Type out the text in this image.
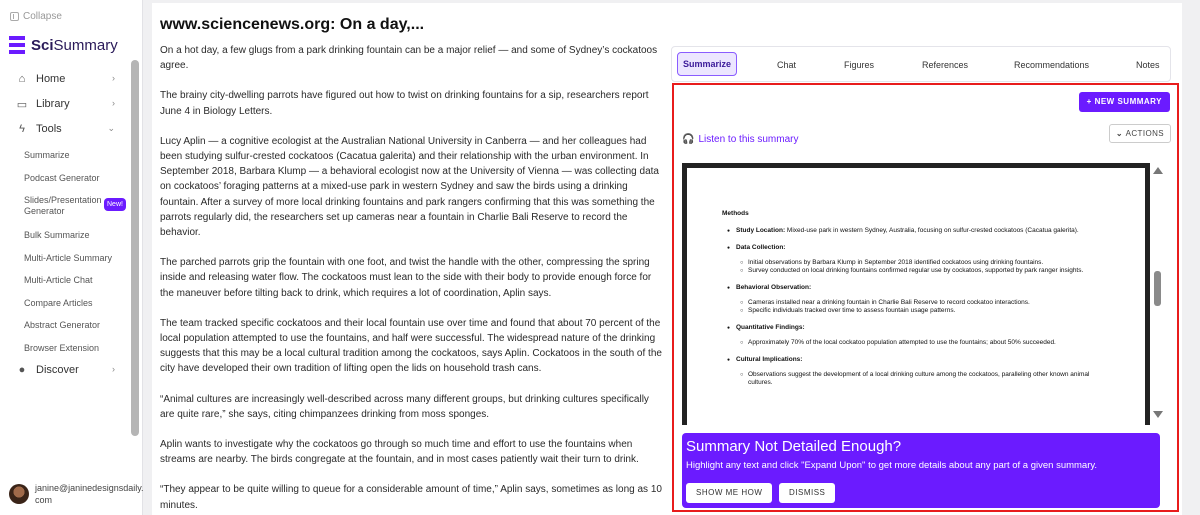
Collapse
SciSummary
⌂ Home	›
▭ Library	›
ϟ Tools	⌄
Summarize
Podcast Generator
Slides/Presentation
Generator
New!
Bulk Summarize
Multi-Article Summary
Multi-Article Chat
Compare Articles
Abstract Generator
Browser Extension
● Discover	›
janine@janinedesignsdaily.
com
www.sciencenews.org: On a day,...

On a hot day, a few glugs from a park drinking fountain can be a major relief — and some of Sydney’s cockatoos agree.

The brainy city-dwelling parrots have figured out how to twist on drinking fountains for a sip, researchers report June 4 in Biology Letters.

Lucy Aplin — a cognitive ecologist at the Australian National University in Canberra — and her colleagues had been studying sulfur-crested cockatoos (Cacatua galerita) and their relationship with the urban environment. In September 2018, Barbara Klump — a behavioral ecologist now at the University of Vienna — was collecting data on cockatoos’ foraging patterns at a mixed-use park in western Sydney and saw the birds using a drinking fountain. After a survey of more local drinking fountains and park rangers confirming that this was something the parrots regularly did, the researchers set up cameras near a fountain in Charlie Bali Reserve to record the behavior.

The parched parrots grip the fountain with one foot, and twist the handle with the other, compressing the spring inside and releasing water flow. The cockatoos must lean to the side with their body to provide enough force for the maneuver before tilting back to drink, which requires a lot of coordination, Aplin says.

The team tracked specific cockatoos and their local fountain use over time and found that about 70 percent of the local population attempted to use the fountains, and half were successful. The widespread nature of the drinking suggests that this may be a local cultural tradition among the cockatoos, says Aplin. Cockatoos in the south of the city have developed their own tradition of lifting open the lids on household trash cans.

“Animal cultures are increasingly well-described across many different groups, but drinking cultures specifically are quite rare,” she says, citing chimpanzees drinking from moss sponges.

Aplin wants to investigate why the cockatoos go through so much time and effort to use the fountains when streams are nearby. The birds congregate at the fountain, and in most cases patiently wait their turn to drink.

“They appear to be quite willing to queue for a considerable amount of time,” Aplin says, sometimes as long as 10 minutes.

Summarize	Chat	Figures	References	Recommendations	Notes
+ NEW SUMMARY
🎧 Listen to this summary
⌄ ACTIONS
Methods
● Study Location: Mixed-use park in western Sydney, Australia, focusing on sulfur-crested cockatoos (Cacatua galerita).
● Data Collection:
○ Initial observations by Barbara Klump in September 2018 identified cockatoos using drinking fountains.
○ Survey conducted on local drinking fountains confirmed regular use by cockatoos, supported by park ranger insights.
● Behavioral Observation:
○ Cameras installed near a drinking fountain in Charlie Bali Reserve to record cockatoo interactions.
○ Specific individuals tracked over time to assess fountain usage patterns.
● Quantitative Findings:
○ Approximately 70% of the local cockatoo population attempted to use the fountains; about 50% succeeded.
● Cultural Implications:
○ Observations suggest the development of a local drinking culture among the cockatoos, paralleling other known animal
cultures.
Summary Not Detailed Enough?
Highlight any text and click "Expand Upon" to get more details about any part of a given summary.
SHOW ME HOW	DISMISS
